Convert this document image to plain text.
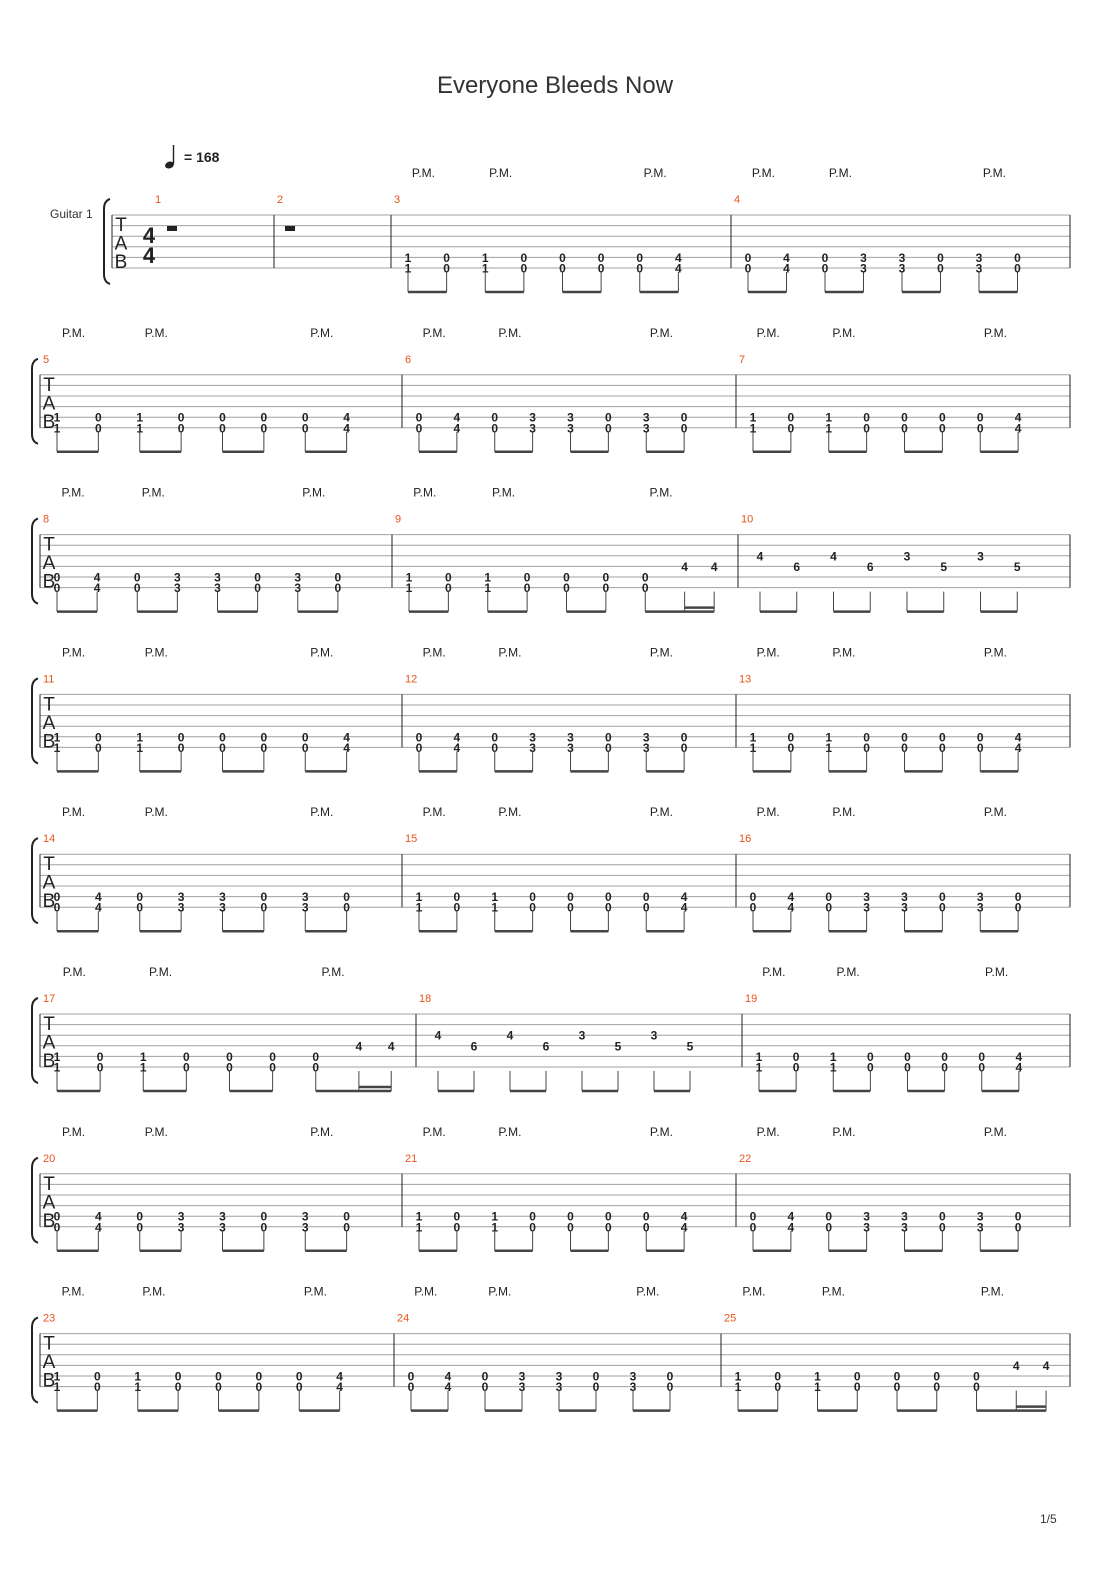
Everyone Bleeds Now
= 168
Guitar 1
T
A
B
4
4
1	2	3
P.M.	P.M.	P.M.
1
1
0
0
1
1
0
0
0
0
0
0
0
0
4
4
4
P.M.	P.M.	P.M.
0
0
4
4
0
0
3
3
3
3
0
0
3
3
0
0
T
A
B
5
P.M.	P.M.	P.M.
1
1
0
0
1
1
0
0
0
0
0
0
0
0
4
4
6
P.M.	P.M.	P.M.
0
0
4
4
0
0
3
3
3
3
0
0
3
3
0
0
7
P.M.	P.M.	P.M.
1
1
0
0
1
1
0
0
0
0
0
0
0
0
4
4
T
A
B
8
P.M.	P.M.	P.M.
0
0
4
4
0
0
3
3
3
3
0
0
3
3
0
0
9
P.M.	P.M.	P.M.
1
1
0
0
1
1
0
0
0
0
0
0
0
0
4 4
10
4
6
4
6
3
5
3
5
T
A
B
11
P.M.	P.M.	P.M.
1
1
0
0
1
1
0
0
0
0
0
0
0
0
4
4
12
P.M.	P.M.	P.M.
0
0
4
4
0
0
3
3
3
3
0
0
3
3
0
0
13
P.M.	P.M.	P.M.
1
1
0
0
1
1
0
0
0
0
0
0
0
0
4
4
T
A
B
14
P.M.	P.M.	P.M.
0
0
4
4
0
0
3
3
3
3
0
0
3
3
0
0
15
P.M.	P.M.	P.M.
1
1
0
0
1
1
0
0
0
0
0
0
0
0
4
4
16
P.M.	P.M.	P.M.
0
0
4
4
0
0
3
3
3
3
0
0
3
3
0
0
T
A
B
17
P.M.	P.M.	P.M.
1
1
0
0
1
1
0
0
0
0
0
0
0
0
4 4
18
4
6
4
6
3
5
3
5
19
P.M.	P.M.	P.M.
1
1
0
0
1
1
0
0
0
0
0
0
0
0
4
4
T
A
B
20
P.M.	P.M.	P.M.
0
0
4
4
0
0
3
3
3
3
0
0
3
3
0
0
21
P.M.	P.M.	P.M.
1
1
0
0
1
1
0
0
0
0
0
0
0
0
4
4
22
P.M.	P.M.	P.M.
0
0
4
4
0
0
3
3
3
3
0
0
3
3
0
0
T
A
B
23
P.M.	P.M.	P.M.
1
1
0
0
1
1
0
0
0
0
0
0
0
0
4
4
24
P.M.	P.M.	P.M.
0
0
4
4
0
0
3
3
3
3
0
0
3
3
0
0
25
P.M.	P.M.	P.M.
1
1
0
0
1
1
0
0
0
0
0
0
0
0
4 4
1/5
